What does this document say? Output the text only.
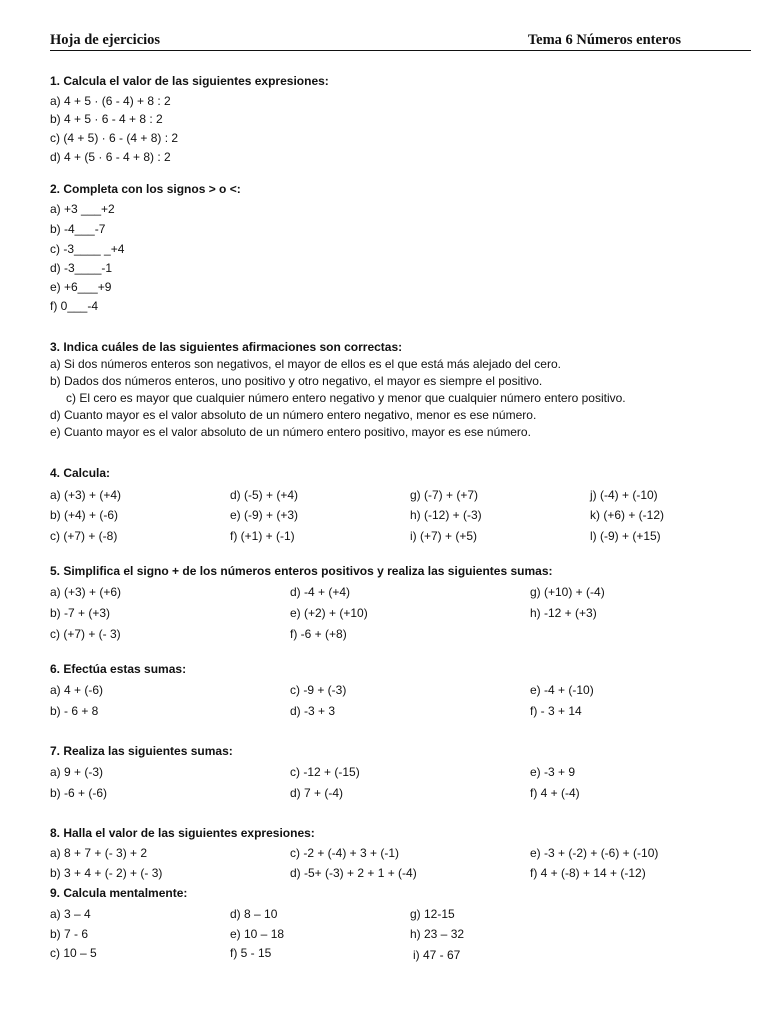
Hoja de ejercicios	Tema 6 Números enteros
1. Calcula el valor de las siguientes expresiones:
a) 4 + 5 · (6 - 4) + 8 : 2
b) 4 + 5 · 6 - 4 + 8 : 2
c) (4 + 5) · 6 - (4 + 8) : 2
d) 4 + (5 · 6 - 4 + 8) : 2
2. Completa con los signos > o <:
a) +3 ___+2
b) -4___-7
c) -3____ _+4
d) -3____-1
e) +6___+9
f) 0___-4
3. Indica cuáles de las siguientes afirmaciones son correctas:
a) Si dos números enteros son negativos, el mayor de ellos es el que está más alejado del cero.
b) Dados dos números enteros, uno positivo y otro negativo, el mayor es siempre el positivo.
c) El cero es mayor que cualquier número entero negativo y menor que cualquier número entero positivo.
d) Cuanto mayor es el valor absoluto de un número entero negativo, menor es ese número.
e) Cuanto mayor es el valor absoluto de un número entero positivo, mayor es ese número.
4. Calcula:
a) (+3) + (+4)	d) (-5) + (+4)	g) (-7) + (+7)	j) (-4) + (-10)
b) (+4) + (-6)	e) (-9) + (+3)	h) (-12) + (-3)	k) (+6) + (-12)
c) (+7) + (-8)	f) (+1) + (-1)	i) (+7) + (+5)	l) (-9) + (+15)
5. Simplifica el signo + de los números enteros positivos y realiza las siguientes sumas:
a) (+3) + (+6)	d) -4 + (+4)	g) (+10) + (-4)
b) -7 + (+3)	e) (+2) + (+10)	h) -12 + (+3)
c) (+7) + (- 3)	f) -6 + (+8)
6. Efectúa estas sumas:
a) 4 + (-6)	c) -9 + (-3)	e) -4 + (-10)
b) - 6 + 8	d) -3 + 3	f) - 3 + 14
7. Realiza las siguientes sumas:
a) 9 + (-3)	c) -12 + (-15)	e) -3 + 9
b) -6 + (-6)	d) 7 + (-4)	f) 4 + (-4)
8. Halla el valor de las siguientes expresiones:
a) 8 + 7 + (- 3) + 2	c) -2 + (-4) + 3 + (-1)	e) -3 + (-2) + (-6) + (-10)
b) 3 + 4 + (- 2) + (- 3)	d) -5+ (-3) + 2 + 1 + (-4)	f) 4 + (-8) + 14 + (-12)
9. Calcula mentalmente:
a) 3 – 4	d) 8 – 10	g) 12-15
b) 7 - 6	e) 10 – 18	h) 23 – 32
c) 10 – 5	f) 5 - 15	i) 47 - 67
